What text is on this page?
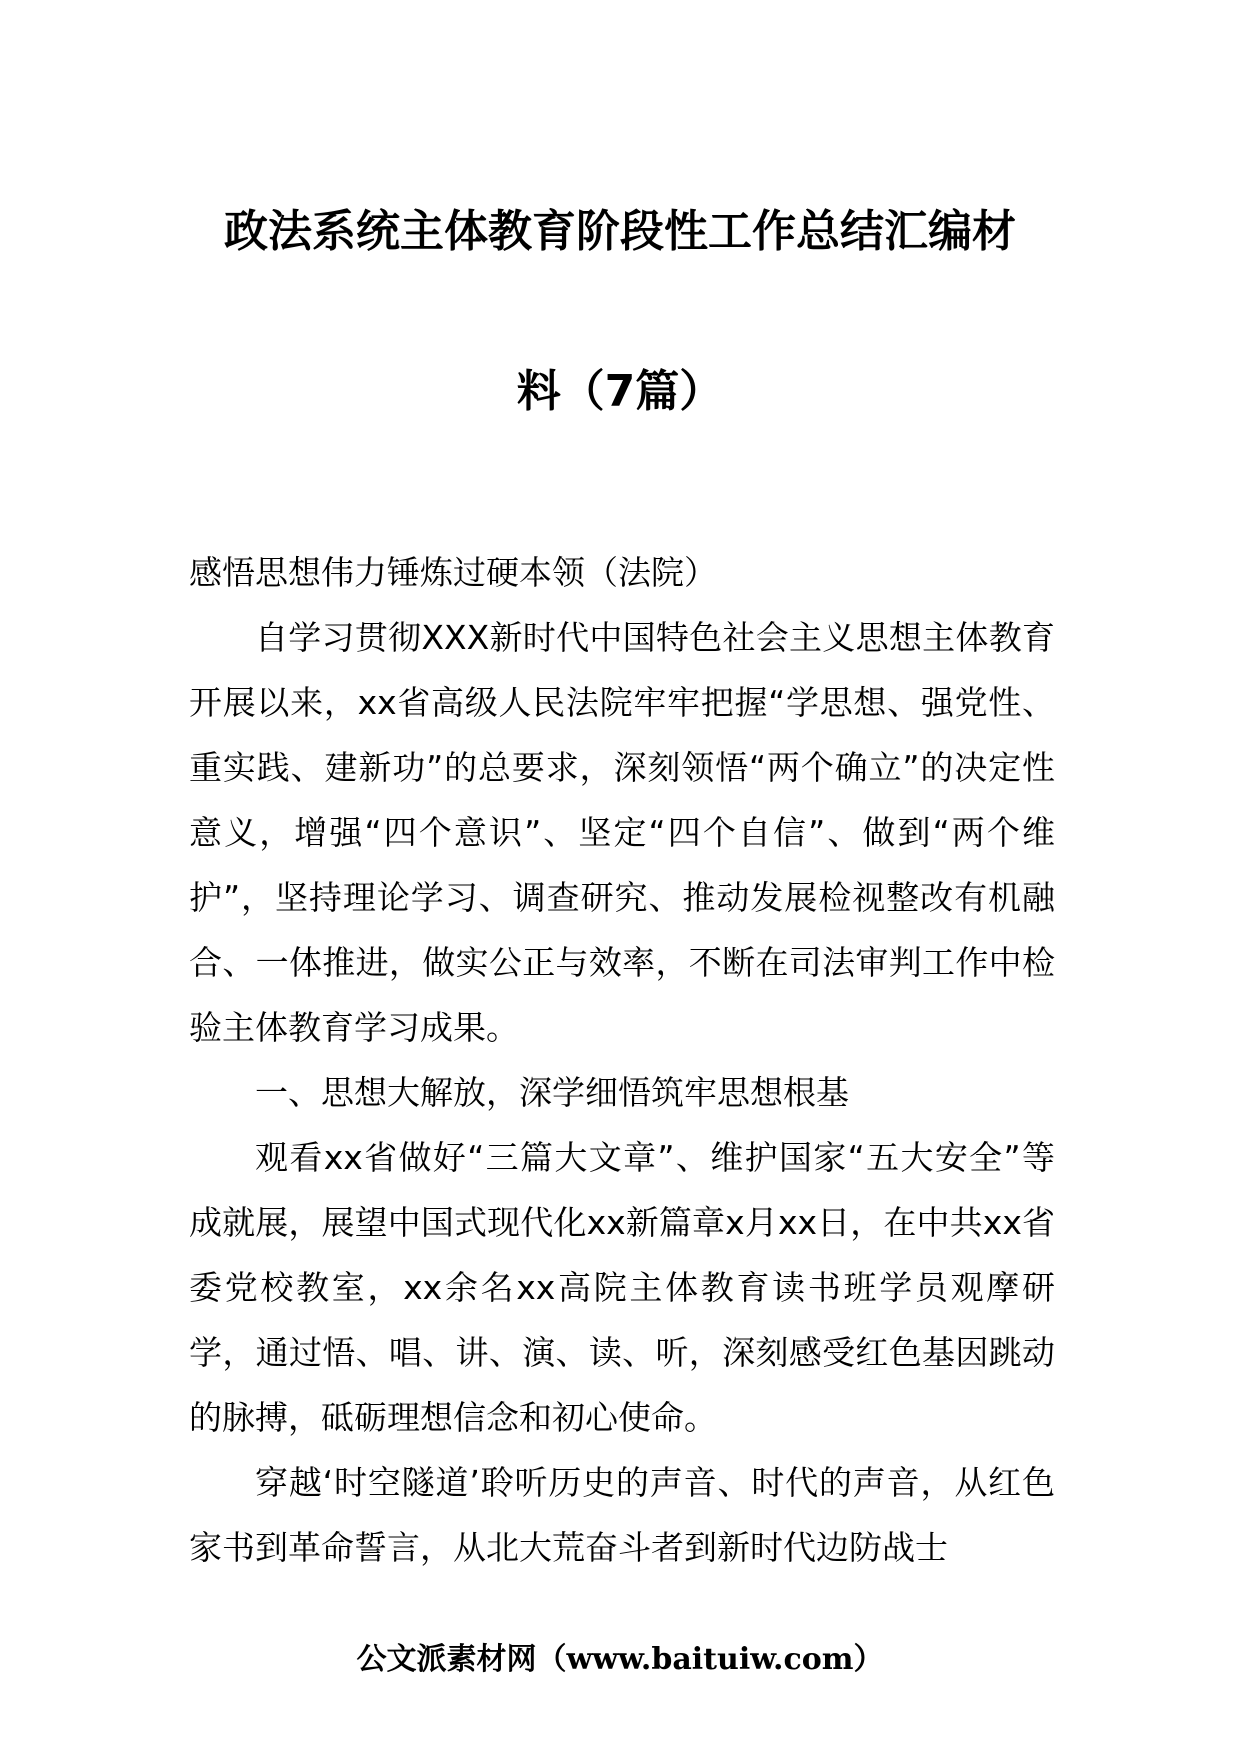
政法系统主体教育阶段性工作总结汇编材
料（7篇）

感悟思想伟力锤炼过硬本领（法院）

自学习贯彻XXX新时代中国特色社会主义思想主体教育开展以来，xx省高级人民法院牢牢把握“学思想、强党性、重实践、建新功”的总要求，深刻领悟“两个确立”的决定性意义，增强“四个意识”、坚定“四个自信”、做到“两个维护”，坚持理论学习、调查研究、推动发展检视整改有机融合、一体推进，做实公正与效率，不断在司法审判工作中检验主体教育学习成果。

一、思想大解放，深学细悟筑牢思想根基

观看xx省做好“三篇大文章”、维护国家“五大安全”等成就展，展望中国式现代化xx新篇章x月xx日，在中共xx省委党校教室，xx余名xx高院主体教育读书班学员观摩研学，通过悟、唱、讲、演、读、听，深刻感受红色基因跳动的脉搏，砥砺理想信念和初心使命。

穿越‘时空隧道’聆听历史的声音、时代的声音，从红色家书到革命誓言，从北大荒奋斗者到新时代边防战士

公文派素材网（www.baituiw.com）
